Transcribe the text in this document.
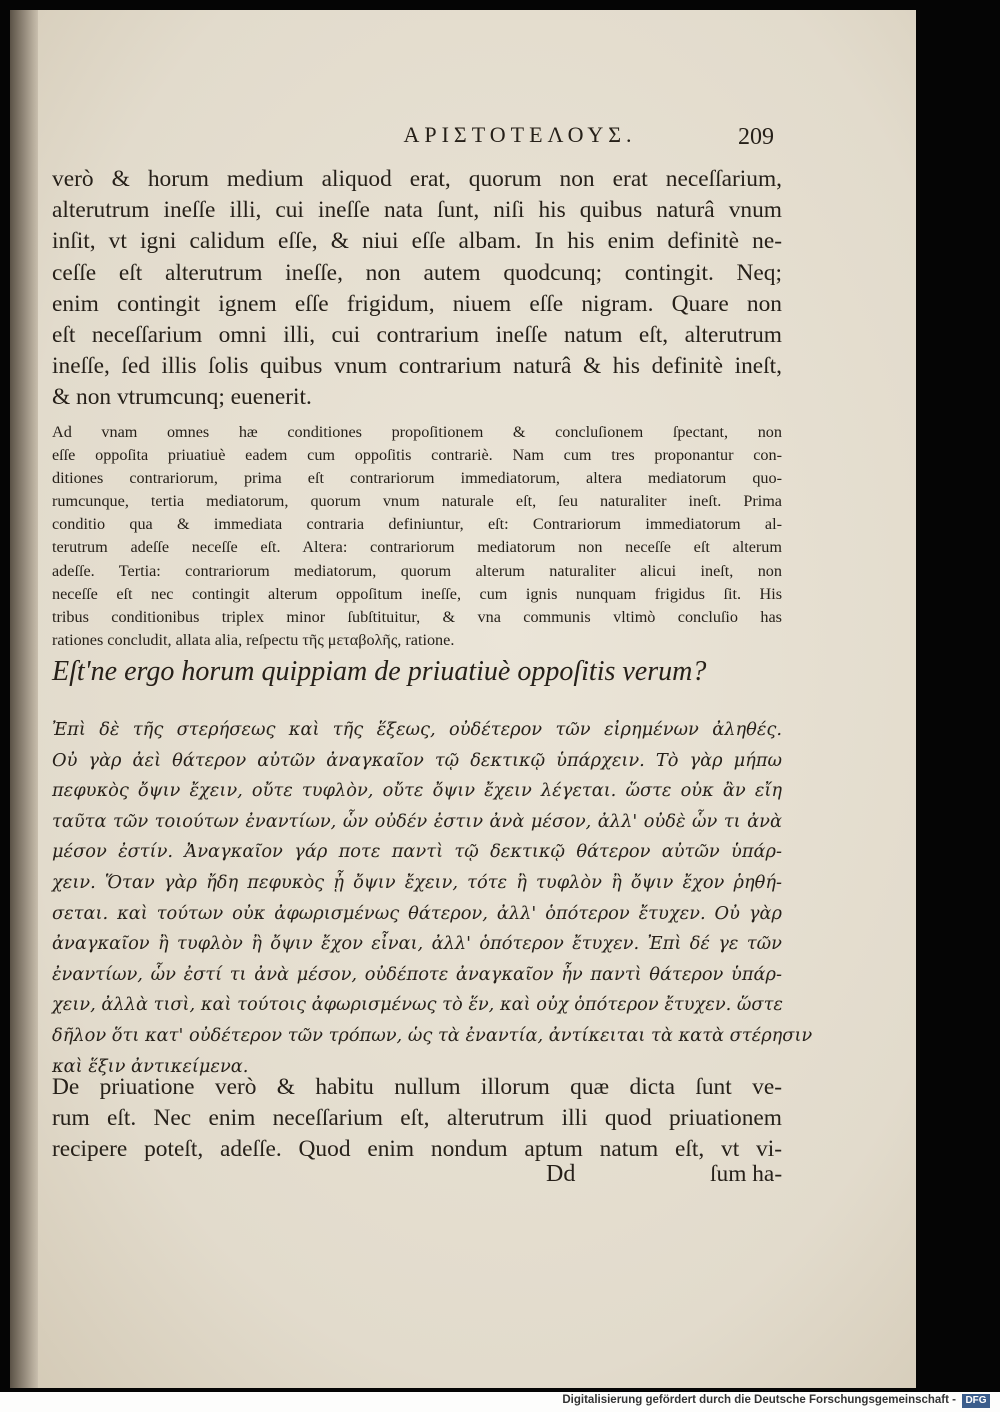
ΑΡΙΣΤΟΤΕΛΟΥΣ.	209
verò & horum medium aliquod erat, quorum non erat neceſſarium,
alterutrum ineſſe illi, cui ineſſe nata ſunt, niſi his quibus naturâ vnum
inſit, vt igni calidum eſſe, & niui eſſe albam. In his enim definitè ne-
ceſſe eſt alterutrum ineſſe, non autem quodcunq; contingit. Neq;
enim contingit ignem eſſe frigidum, niuem eſſe nigram. Quare non
eſt neceſſarium omni illi, cui contrarium ineſſe natum eſt, alterutrum
ineſſe, ſed illis ſolis quibus vnum contrarium naturâ & his definitè ineſt,
& non vtrumcunq; euenerit.
Ad vnam omnes hæ conditiones propoſitionem & concluſionem ſpectant, non
eſſe oppoſita priuatiuè eadem cum oppoſitis contrariè. Nam cum tres proponantur con-
ditiones contrariorum, prima eſt contrariorum immediatorum, altera mediatorum quo-
rumcunque, tertia mediatorum, quorum vnum naturale eſt, ſeu naturaliter ineſt. Prima
conditio qua & immediata contraria definiuntur, eſt: Contrariorum immediatorum al-
terutrum adeſſe neceſſe eſt. Altera: contrariorum mediatorum non neceſſe eſt alterum
adeſſe. Tertia: contrariorum mediatorum, quorum alterum naturaliter alicui ineſt, non
neceſſe eſt nec contingit alterum oppoſitum ineſſe, cum ignis nunquam frigidus ſit. His
tribus conditionibus triplex minor ſubſtituitur, & vna communis vltimò concluſio has
rationes concludit, allata alia, reſpectu τῆς μεταβολῆς, ratione.
Eſt'ne ergo horum quippiam de priuatiuè oppoſitis verum?
Ἐπὶ δὲ τῆς στερήσεως καὶ τῆς ἕξεως, οὐδέτερον τῶν εἰρημένων ἀληθές.
Οὐ γὰρ ἀεὶ θάτερον αὐτῶν ἀναγκαῖον τῷ δεκτικῷ ὑπάρχειν. Τὸ γὰρ μήπω
πεφυκὸς ὄψιν ἔχειν, οὔτε τυφλὸν, οὔτε ὄψιν ἔχειν λέγεται. ὥστε οὐκ ἂν εἴη
ταῦτα τῶν τοιούτων ἐναντίων, ὧν οὐδέν ἐστιν ἀνὰ μέσον, ἀλλ' οὐδὲ ὧν τι ἀνὰ
μέσον ἐστίν. Ἀναγκαῖον γάρ ποτε παντὶ τῷ δεκτικῷ θάτερον αὐτῶν ὑπάρ-
χειν. Ὅταν γὰρ ἤδη πεφυκὸς ᾖ ὄψιν ἔχειν, τότε ἢ τυφλὸν ἢ ὄψιν ἔχον ῥηθή-
σεται. καὶ τούτων οὐκ ἀφωρισμένως θάτερον, ἀλλ' ὁπότερον ἔτυχεν. Οὐ γὰρ
ἀναγκαῖον ἢ τυφλὸν ἢ ὄψιν ἔχον εἶναι, ἀλλ' ὁπότερον ἔτυχεν. Ἐπὶ δέ γε τῶν
ἐναντίων, ὧν ἐστί τι ἀνὰ μέσον, οὐδέποτε ἀναγκαῖον ἦν παντὶ θάτερον ὑπάρ-
χειν, ἀλλὰ τισὶ, καὶ τούτοις ἀφωρισμένως τὸ ἕν, καὶ οὐχ ὁπότερον ἔτυχεν. ὥστε
δῆλον ὅτι κατ' οὐδέτερον τῶν τρόπων, ὡς τὰ ἐναντία, ἀντίκειται τὰ κατὰ στέρησιν
καὶ ἕξιν ἀντικείμενα.
De priuatione verò & habitu nullum illorum quæ dicta ſunt ve-
rum eſt. Nec enim neceſſarium eſt, alterutrum illi quod priuationem
recipere poteſt, adeſſe. Quod enim nondum aptum natum eſt, vt vi-
Dd	ſum ha-
Digitalisierung gefördert durch die Deutsche Forschungsgemeinschaft - DFG
